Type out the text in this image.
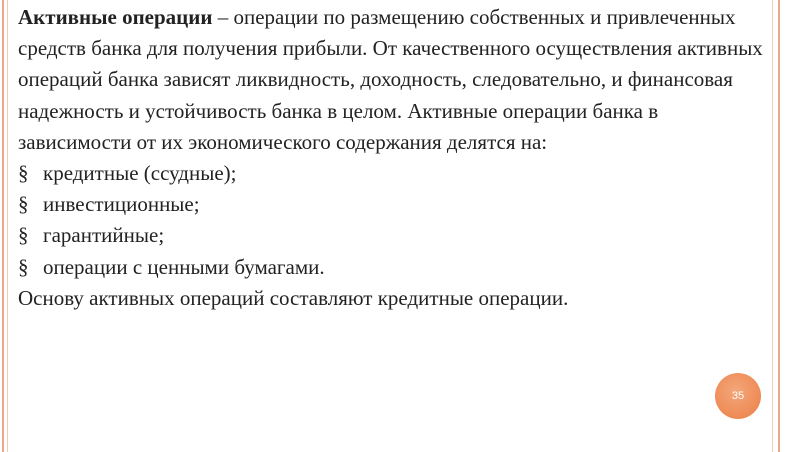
Активные операции – операции по размещению собственных и привлеченных средств банка для получения прибыли. От качественного осуществления активных операций банка зависят ликвидность, доходность, следовательно, и финансовая надежность и устойчивость банка в целом. Активные операции банка в зависимости от их экономического содержания делятся на:

§ кредитные (ссудные);
§ инвестиционные;
§ гарантийные;
§ операции с ценными бумагами.

Основу активных операций составляют кредитные операции.

35
